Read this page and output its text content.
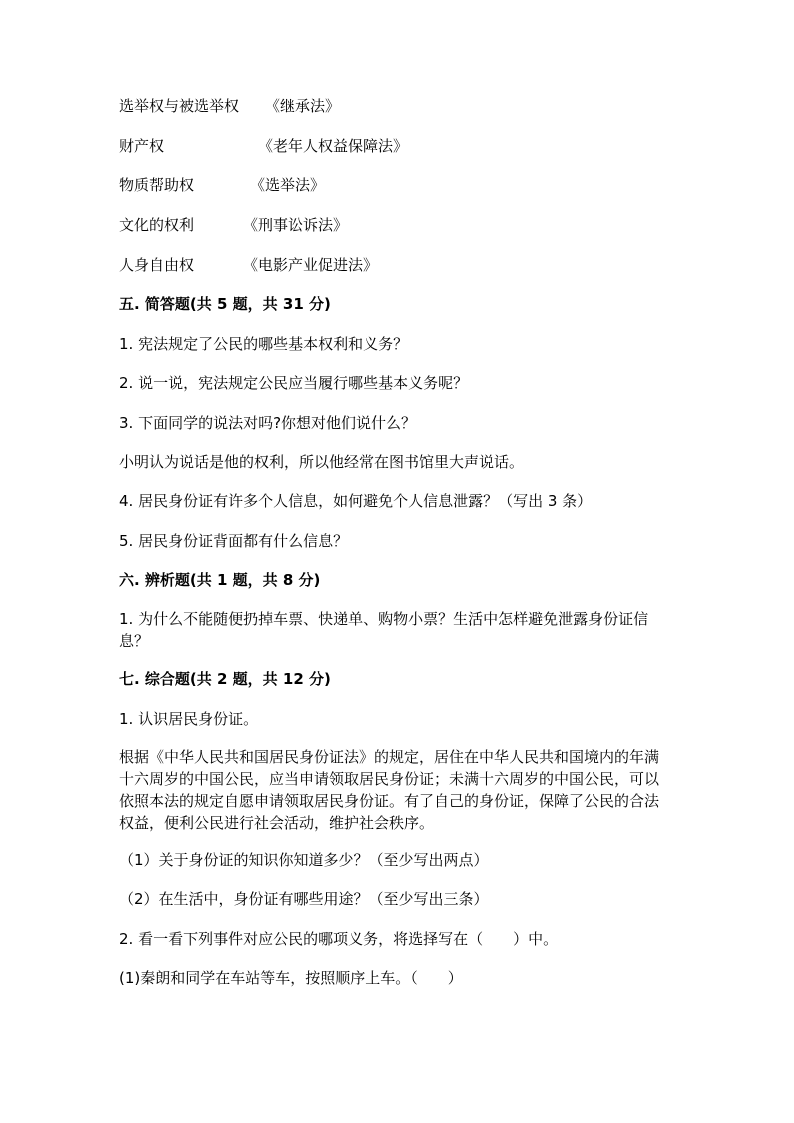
选举权与被选举权 《继承法》
财产权	《老年人权益保障法》
物质帮助权	《选举法》
文化的权利	《刑事讼诉法》
人身自由权	《电影产业促进法》
五. 简答题(共 5 题，共 31 分)
1. 宪法规定了公民的哪些基本权利和义务？
2. 说一说，宪法规定公民应当履行哪些基本义务呢？
3. 下面同学的说法对吗?你想对他们说什么？
小明认为说话是他的权利，所以他经常在图书馆里大声说话。
4. 居民身份证有许多个人信息，如何避免个人信息泄露？（写出 3 条）
5. 居民身份证背面都有什么信息？
六. 辨析题(共 1 题，共 8 分)
1. 为什么不能随便扔掉车票、快递单、购物小票？生活中怎样避免泄露身份证信息？
七. 综合题(共 2 题，共 12 分)
1. 认识居民身份证。
根据《中华人民共和国居民身份证法》的规定，居住在中华人民共和国境内的年满十六周岁的中国公民，应当申请领取居民身份证；未满十六周岁的中国公民，可以依照本法的规定自愿申请领取居民身份证。有了自己的身份证，保障了公民的合法权益，便利公民进行社会活动，维护社会秩序。
（1）关于身份证的知识你知道多少？（至少写出两点）
（2）在生活中，身份证有哪些用途？（至少写出三条）
2. 看一看下列事件对应公民的哪项义务，将选择写在（　　）中。
(1)秦朗和同学在车站等车，按照顺序上车。（　　）
